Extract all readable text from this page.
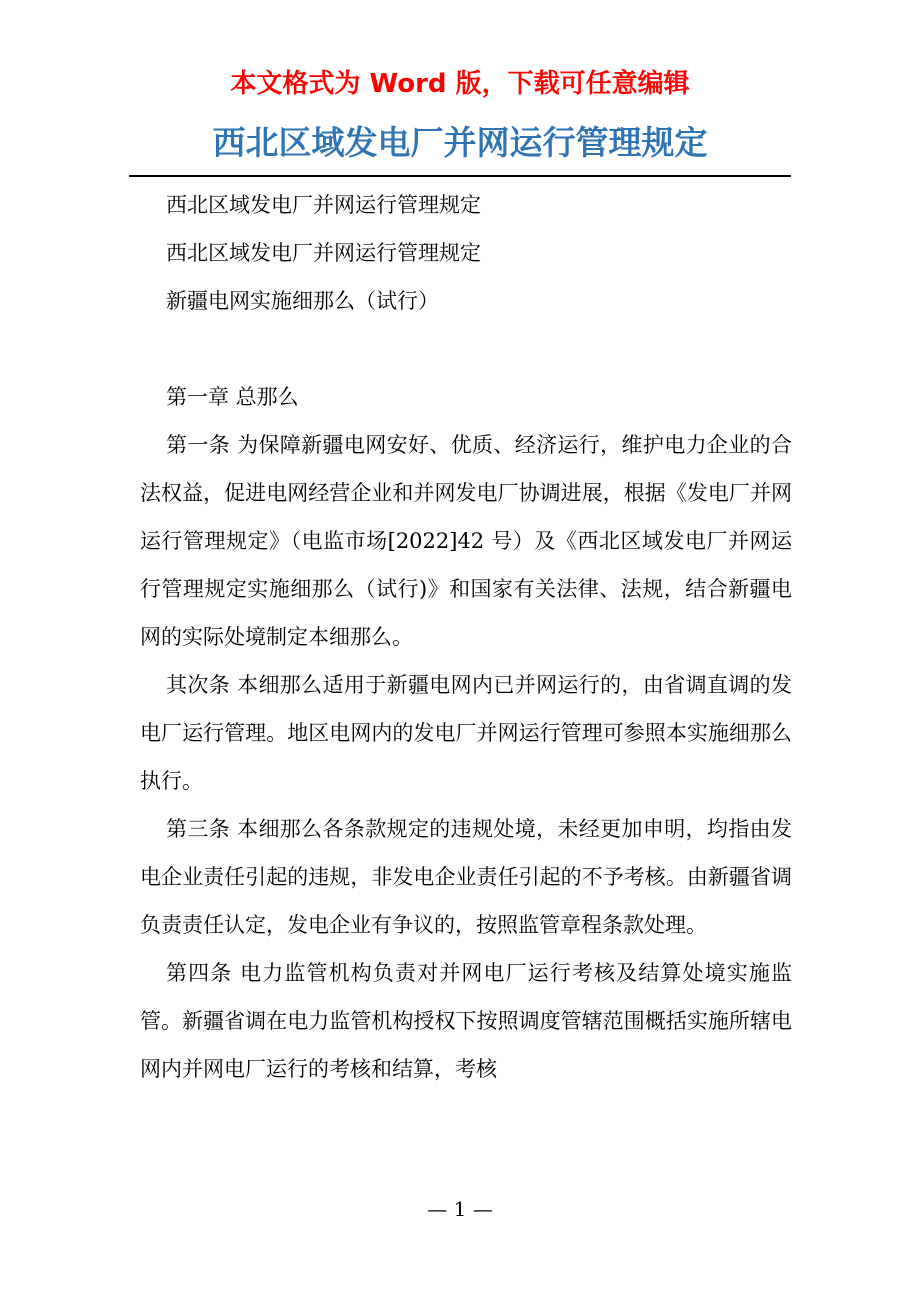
本文格式为 Word 版，下载可任意编辑
西北区域发电厂并网运行管理规定

西北区域发电厂并网运行管理规定

西北区域发电厂并网运行管理规定

新疆电网实施细那么（试行）

第一章 总那么

第一条 为保障新疆电网安好、优质、经济运行，维护电力企业的合法权益，促进电网经营企业和并网发电厂协调进展，根据《发电厂并网运行管理规定》（电监市场[2022]42 号）及《西北区域发电厂并网运行管理规定实施细那么（试行)》和国家有关法律、法规，结合新疆电网的实际处境制定本细那么。

其次条 本细那么适用于新疆电网内已并网运行的，由省调直调的发电厂运行管理。地区电网内的发电厂并网运行管理可参照本实施细那么执行。

第三条 本细那么各条款规定的违规处境，未经更加申明，均指由发电企业责任引起的违规，非发电企业责任引起的不予考核。由新疆省调负责责任认定，发电企业有争议的，按照监管章程条款处理。

第四条 电力监管机构负责对并网电厂运行考核及结算处境实施监管。新疆省调在电力监管机构授权下按照调度管辖范围概括实施所辖电网内并网电厂运行的考核和结算，考核

— 1 —
